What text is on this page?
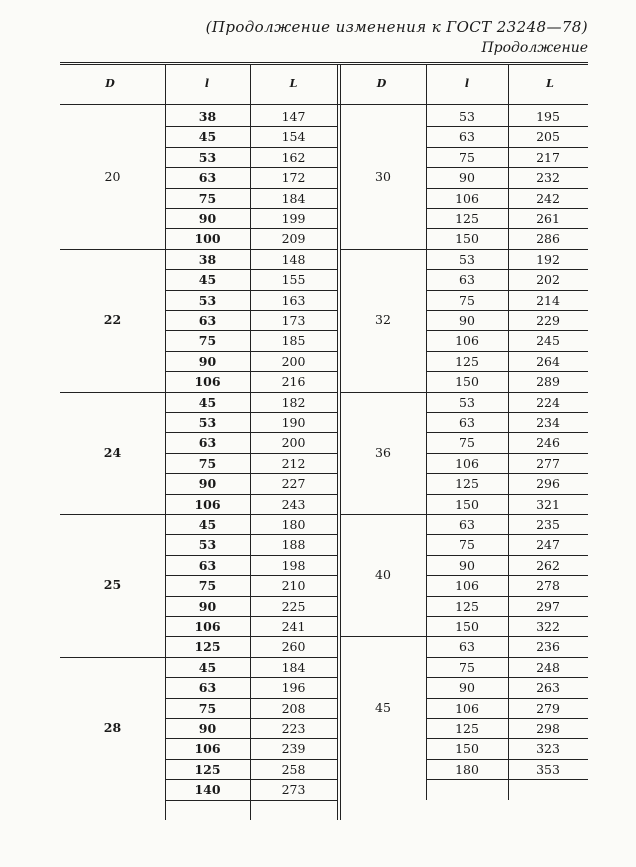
(Продолжение изменения к ГОСТ 23248—78)
Продолжение
D	l	L	D	l	L
20
38	147
45	154
53	162
63	172
75	184
90	199
100	209
22
38	148
45	155
53	163
63	173
75	185
90	200
106	216
24
45	182
53	190
63	200
75	212
90	227
106	243
25
45	180
53	188
63	198
75	210
90	225
106	241
125	260
28
45	184
63	196
75	208
90	223
106	239
125	258
140	273
30
53	195
63	205
75	217
90	232
106	242
125	261
150	286
32
53	192
63	202
75	214
90	229
106	245
125	264
150	289
36
53	224
63	234
75	246
106	277
125	296
150	321
40
63	235
75	247
90	262
106	278
125	297
150	322
45
63	236
75	248
90	263
106	279
125	298
150	323
180	353
